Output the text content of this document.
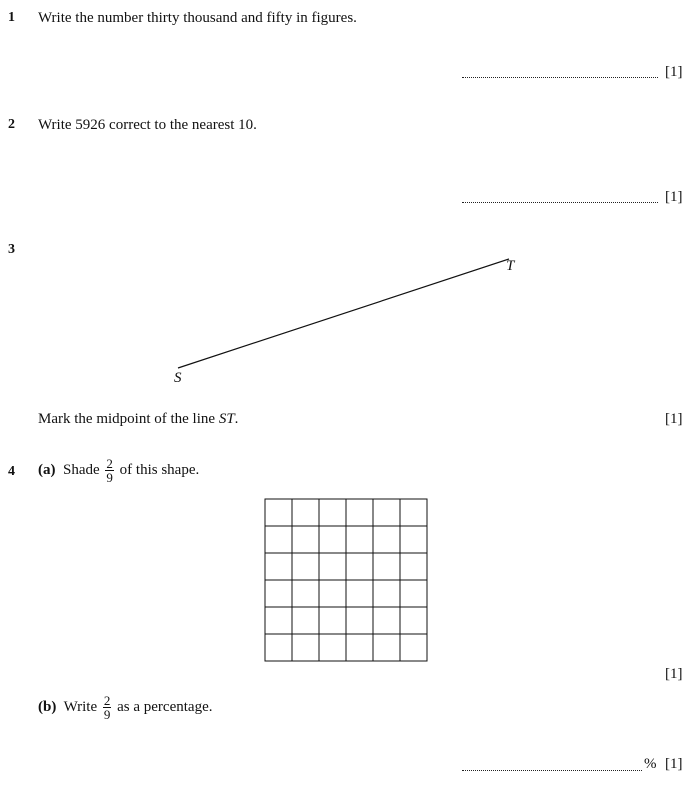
1 Write the number thirty thousand and fifty in figures.
[1]
2 Write 5926 correct to the nearest 10.
[1]
3
S
T
Mark the midpoint of the line ST.	[1]
4 (a) Shade $\frac{2}{9}$ of this shape.
[1]
(b) Write $\frac{2}{9}$ as a percentage.
% [1]
